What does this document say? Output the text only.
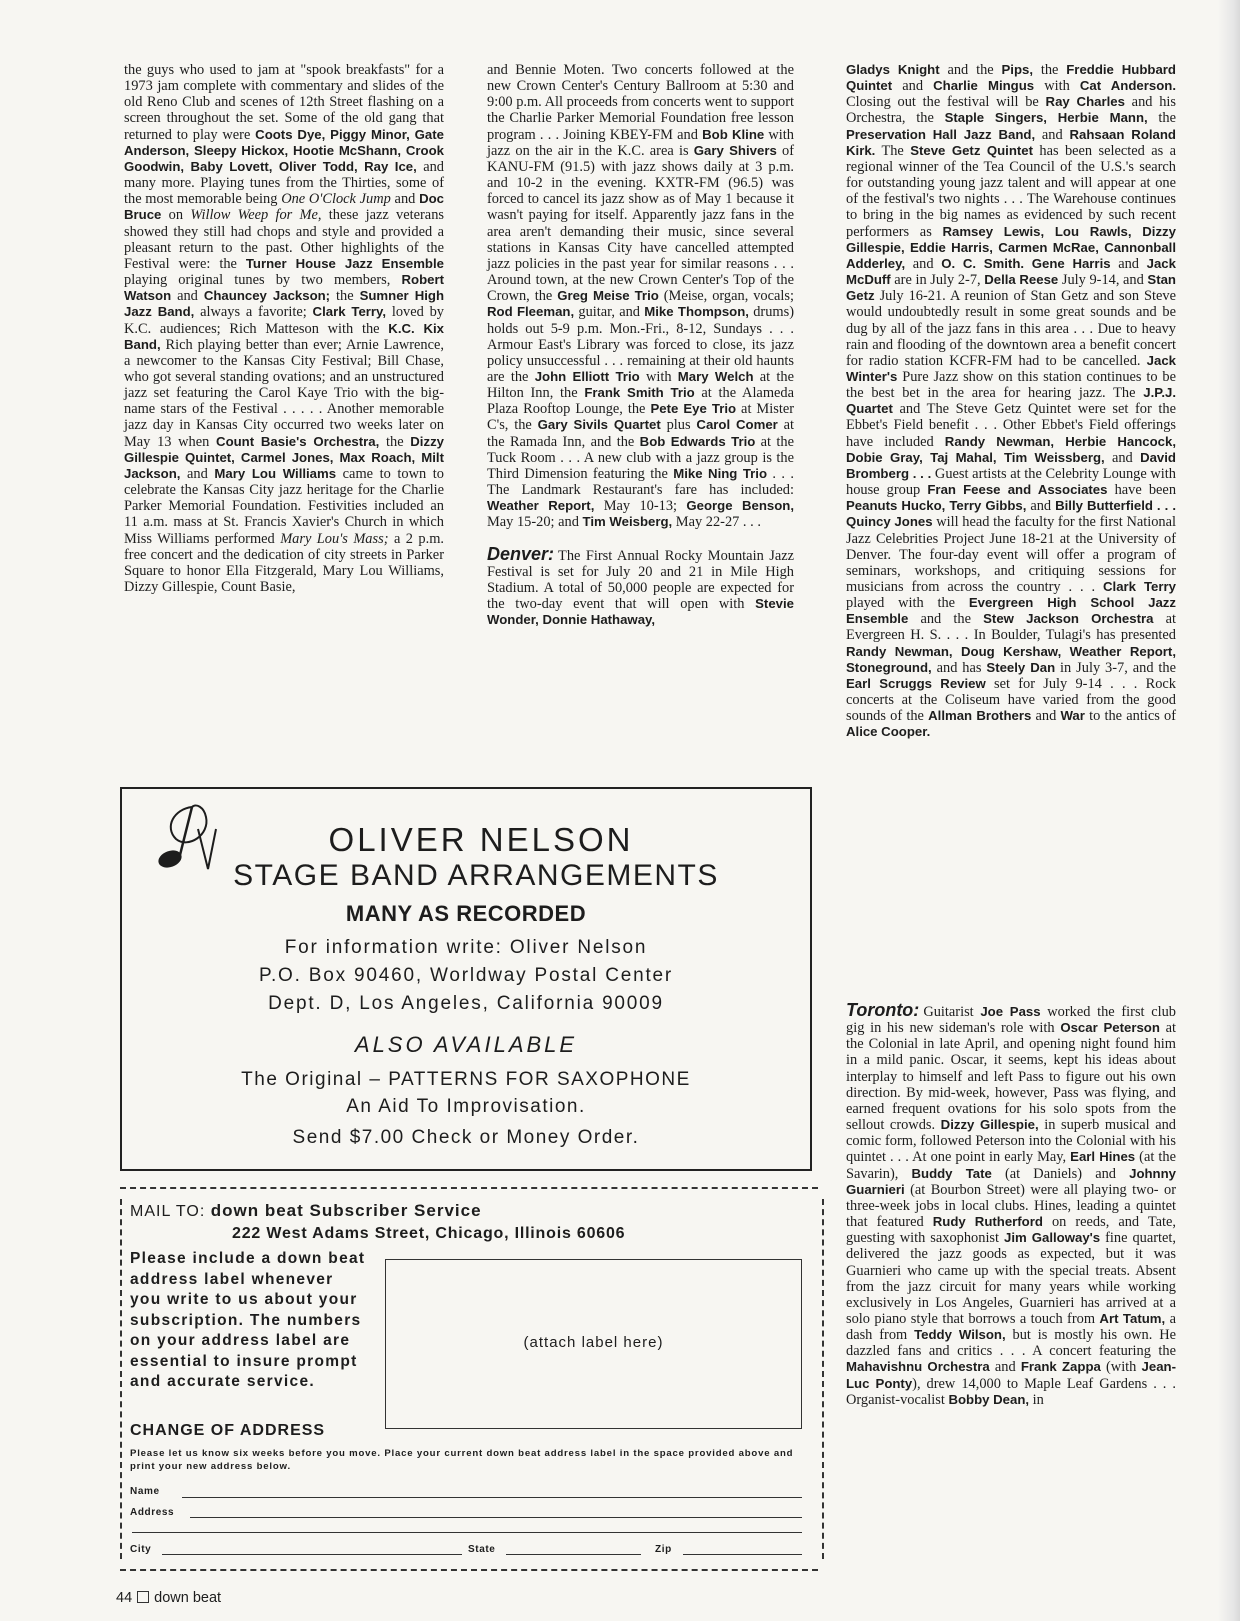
the guys who used to jam at "spook breakfasts" for a 1973 jam complete with commentary and slides of the old Reno Club and scenes of 12th Street flashing on a screen throughout the set. Some of the old gang that returned to play were Coots Dye, Piggy Minor, Gate Anderson, Sleepy Hickox, Hootie McShann, Crook Goodwin, Baby Lovett, Oliver Todd, Ray Ice, and many more. Playing tunes from the Thirties, some of the most memorable being One O'Clock Jump and Doc Bruce on Willow Weep for Me, these jazz veterans showed they still had chops and style and provided a pleasant return to the past. Other highlights of the Festival were: the Turner House Jazz Ensemble playing original tunes by two members, Robert Watson and Chauncey Jackson; the Sumner High Jazz Band, always a favorite; Clark Terry, loved by K.C. audiences; Rich Matteson with the K.C. Kix Band, Rich playing better than ever; Arnie Lawrence, a newcomer to the Kansas City Festival; Bill Chase, who got several standing ovations; and an unstructured jazz set featuring the Carol Kaye Trio with the big-name stars of the Festival . . . . . Another memorable jazz day in Kansas City occurred two weeks later on May 13 when Count Basie's Orchestra, the Dizzy Gillespie Quintet, Carmel Jones, Max Roach, Milt Jackson, and Mary Lou Williams came to town to celebrate the Kansas City jazz heritage for the Charlie Parker Memorial Foundation. Festivities included an 11 a.m. mass at St. Francis Xavier's Church in which Miss Williams performed Mary Lou's Mass; a 2 p.m. free concert and the dedication of city streets in Parker Square to honor Ella Fitzgerald, Mary Lou Williams, Dizzy Gillespie, Count Basie,

and Bennie Moten. Two concerts followed at the new Crown Center's Century Ballroom at 5:30 and 9:00 p.m. All proceeds from concerts went to support the Charlie Parker Memorial Foundation free lesson program . . . Joining KBEY-FM and Bob Kline with jazz on the air in the K.C. area is Gary Shivers of KANU-FM (91.5) with jazz shows daily at 3 p.m. and 10-2 in the evening. KXTR-FM (96.5) was forced to cancel its jazz show as of May 1 because it wasn't paying for itself. Apparently jazz fans in the area aren't demanding their music, since several stations in Kansas City have cancelled attempted jazz policies in the past year for similar reasons . . . Around town, at the new Crown Center's Top of the Crown, the Greg Meise Trio (Meise, organ, vocals; Rod Fleeman, guitar, and Mike Thompson, drums) holds out 5-9 p.m. Mon.-Fri., 8-12, Sundays . . . Armour East's Library was forced to close, its jazz policy unsuccessful . . . remaining at their old haunts are the John Elliott Trio with Mary Welch at the Hilton Inn, the Frank Smith Trio at the Alameda Plaza Rooftop Lounge, the Pete Eye Trio at Mister C's, the Gary Sivils Quartet plus Carol Comer at the Ramada Inn, and the Bob Edwards Trio at the Tuck Room . . . A new club with a jazz group is the Third Dimension featuring the Mike Ning Trio . . . The Landmark Restaurant's fare has included: Weather Report, May 10-13; George Benson, May 15-20; and Tim Weisberg, May 22-27 . . .

Denver: The First Annual Rocky Mountain Jazz Festival is set for July 20 and 21 in Mile High Stadium. A total of 50,000 people are expected for the two-day event that will open with Stevie Wonder, Donnie Hathaway,

Gladys Knight and the Pips, the Freddie Hubbard Quintet and Charlie Mingus with Cat Anderson. Closing out the festival will be Ray Charles and his Orchestra, the Staple Singers, Herbie Mann, the Preservation Hall Jazz Band, and Rahsaan Roland Kirk. The Steve Getz Quintet has been selected as a regional winner of the Tea Council of the U.S.'s search for outstanding young jazz talent and will appear at one of the festival's two nights . . . The Warehouse continues to bring in the big names as evidenced by such recent performers as Ramsey Lewis, Lou Rawls, Dizzy Gillespie, Eddie Harris, Carmen McRae, Cannonball Adderley, and O. C. Smith. Gene Harris and Jack McDuff are in July 2-7, Della Reese July 9-14, and Stan Getz July 16-21. A reunion of Stan Getz and son Steve would undoubtedly result in some great sounds and be dug by all of the jazz fans in this area . . . Due to heavy rain and flooding of the downtown area a benefit concert for radio station KCFR-FM had to be cancelled. Jack Winter's Pure Jazz show on this station continues to be the best bet in the area for hearing jazz. The J.P.J. Quartet and The Steve Getz Quintet were set for the Ebbet's Field benefit . . . Other Ebbet's Field offerings have included Randy Newman, Herbie Hancock, Dobie Gray, Taj Mahal, Tim Weissberg, and David Bromberg . . . Guest artists at the Celebrity Lounge with house group Fran Feese and Associates have been Peanuts Hucko, Terry Gibbs, and Billy Butterfield . . . Quincy Jones will head the faculty for the first National Jazz Celebrities Project June 18-21 at the University of Denver. The four-day event will offer a program of seminars, workshops, and critiquing sessions for musicians from across the country . . . Clark Terry played with the Evergreen High School Jazz Ensemble and the Stew Jackson Orchestra at Evergreen H. S. . . . In Boulder, Tulagi's has presented Randy Newman, Doug Kershaw, Weather Report, Stoneground, and has Steely Dan in July 3-7, and the Earl Scruggs Review set for July 9-14 . . . Rock concerts at the Coliseum have varied from the good sounds of the Allman Brothers and War to the antics of Alice Cooper.

Toronto: Guitarist Joe Pass worked the first club gig in his new sideman's role with Oscar Peterson at the Colonial in late April, and opening night found him in a mild panic. Oscar, it seems, kept his ideas about interplay to himself and left Pass to figure out his own direction. By mid-week, however, Pass was flying, and earned frequent ovations for his solo spots from the sellout crowds. Dizzy Gillespie, in superb musical and comic form, followed Peterson into the Colonial with his quintet . . . At one point in early May, Earl Hines (at the Savarin), Buddy Tate (at Daniels) and Johnny Guarnieri (at Bourbon Street) were all playing two- or three-week jobs in local clubs. Hines, leading a quintet that featured Rudy Rutherford on reeds, and Tate, guesting with saxophonist Jim Galloway's fine quartet, delivered the jazz goods as expected, but it was Guarnieri who came up with the special treats. Absent from the jazz circuit for many years while working exclusively in Los Angeles, Guarnieri has arrived at a solo piano style that borrows a touch from Art Tatum, a dash from Teddy Wilson, but is mostly his own. He dazzled fans and critics . . . A concert featuring the Mahavishnu Orchestra and Frank Zappa (with Jean-Luc Ponty), drew 14,000 to Maple Leaf Gardens . . . Organist-vocalist Bobby Dean, in

OLIVER NELSON
STAGE BAND ARRANGEMENTS
MANY AS RECORDED
For information write: Oliver Nelson
P.O. Box 90460, Worldway Postal Center
Dept. D, Los Angeles, California 90009
ALSO AVAILABLE
The Original – PATTERNS FOR SAXOPHONE
An Aid To Improvisation.
Send $7.00 Check or Money Order.
MAIL TO: down beat Subscriber Service
222 West Adams Street, Chicago, Illinois 60606
Please include a down beat address label whenever you write to us about your subscription. The numbers on your address label are essential to insure prompt and accurate service.
(attach label here)
CHANGE OF ADDRESS
Please let us know six weeks before you move. Place your current down beat address label in the space provided above and print your new address below.
Name
Address
City	State	Zip
44 down beat
